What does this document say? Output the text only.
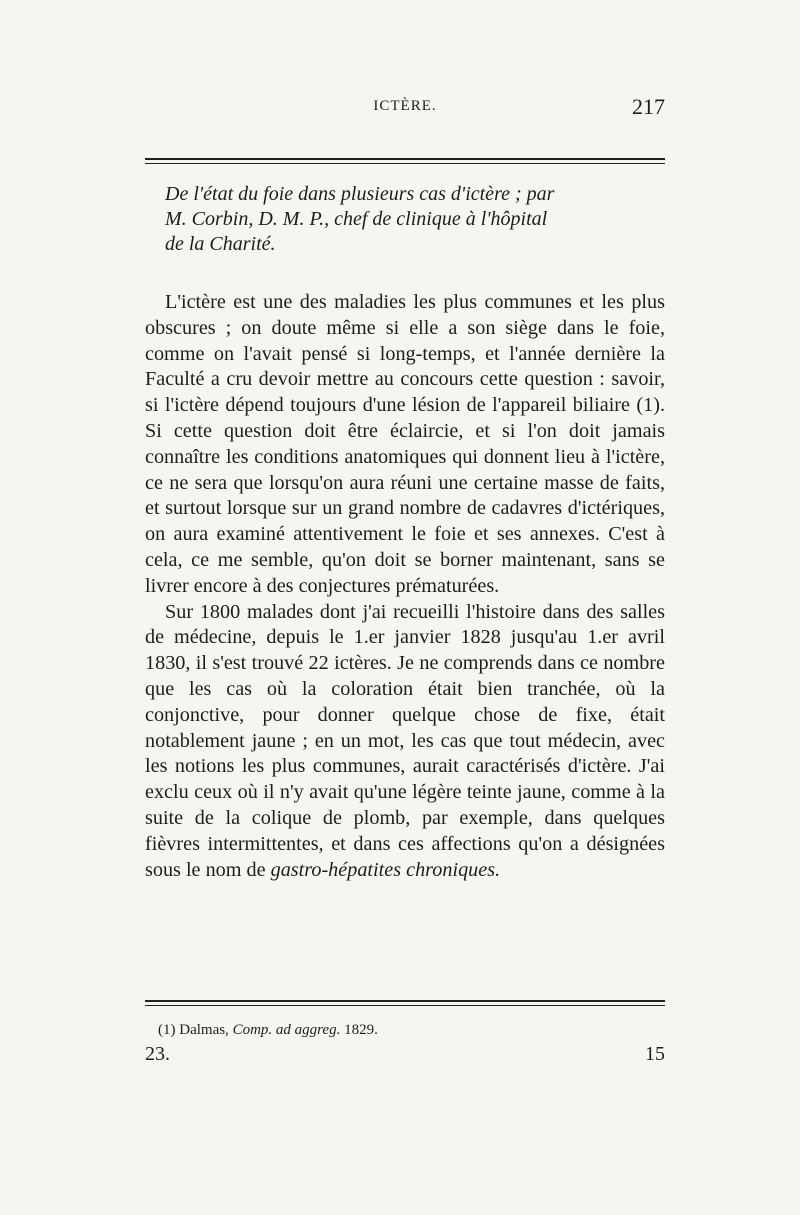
ICTÈRE.	217
De l'état du foie dans plusieurs cas d'ictère ; par
M. Corbin, D. M. P., chef de clinique à l'hôpital
de la Charité.

L'ictère est une des maladies les plus communes et les plus obscures ; on doute même si elle a son siège dans le foie, comme on l'avait pensé si long-temps, et l'année dernière la Faculté a cru devoir mettre au concours cette question : savoir, si l'ictère dépend toujours d'une lésion de l'appareil biliaire (1). Si cette question doit être éclaircie, et si l'on doit jamais connaître les conditions anatomiques qui donnent lieu à l'ictère, ce ne sera que lorsqu'on aura réuni une certaine masse de faits, et surtout lorsque sur un grand nombre de cadavres d'ictériques, on aura examiné attentivement le foie et ses annexes. C'est à cela, ce me semble, qu'on doit se borner maintenant, sans se livrer encore à des conjectures prématurées.

Sur 1800 malades dont j'ai recueilli l'histoire dans des salles de médecine, depuis le 1.er janvier 1828 jusqu'au 1.er avril 1830, il s'est trouvé 22 ictères. Je ne comprends dans ce nombre que les cas où la coloration était bien tranchée, où la conjonctive, pour donner quelque chose de fixe, était notablement jaune ; en un mot, les cas que tout médecin, avec les notions les plus communes, aurait caractérisés d'ictère. J'ai exclu ceux où il n'y avait qu'une légère teinte jaune, comme à la suite de la colique de plomb, par exemple, dans quelques fièvres intermittentes, et dans ces affections qu'on a désignées sous le nom de gastro-hépatites chroniques.

(1) Dalmas, Comp. ad aggreg. 1829.
23.	15
